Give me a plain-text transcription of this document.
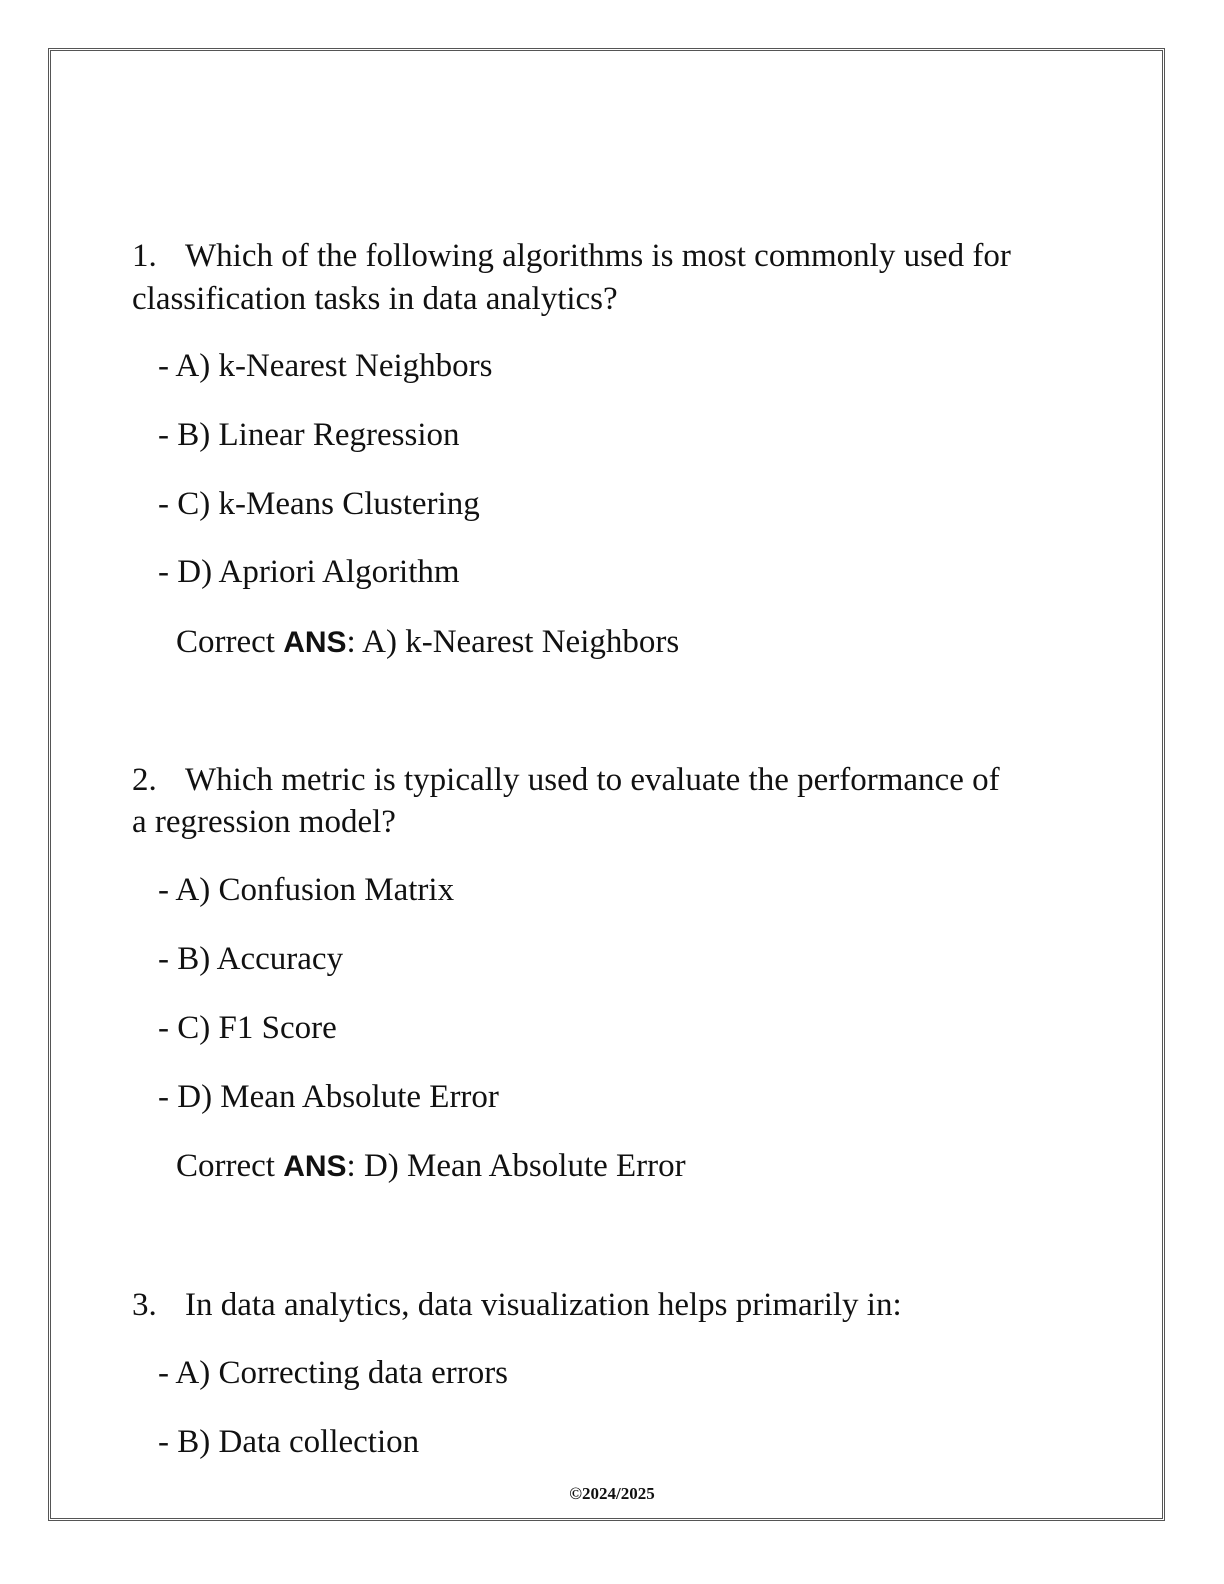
1. Which of the following algorithms is most commonly used for
classification tasks in data analytics?
- A) k-Nearest Neighbors
- B) Linear Regression
- C) k-Means Clustering
- D) Apriori Algorithm
Correct ANS: A) k-Nearest Neighbors
2. Which metric is typically used to evaluate the performance of
a regression model?
- A) Confusion Matrix
- B) Accuracy
- C) F1 Score
- D) Mean Absolute Error
Correct ANS: D) Mean Absolute Error
3. In data analytics, data visualization helps primarily in:
- A) Correcting data errors
- B) Data collection
©2024/2025
